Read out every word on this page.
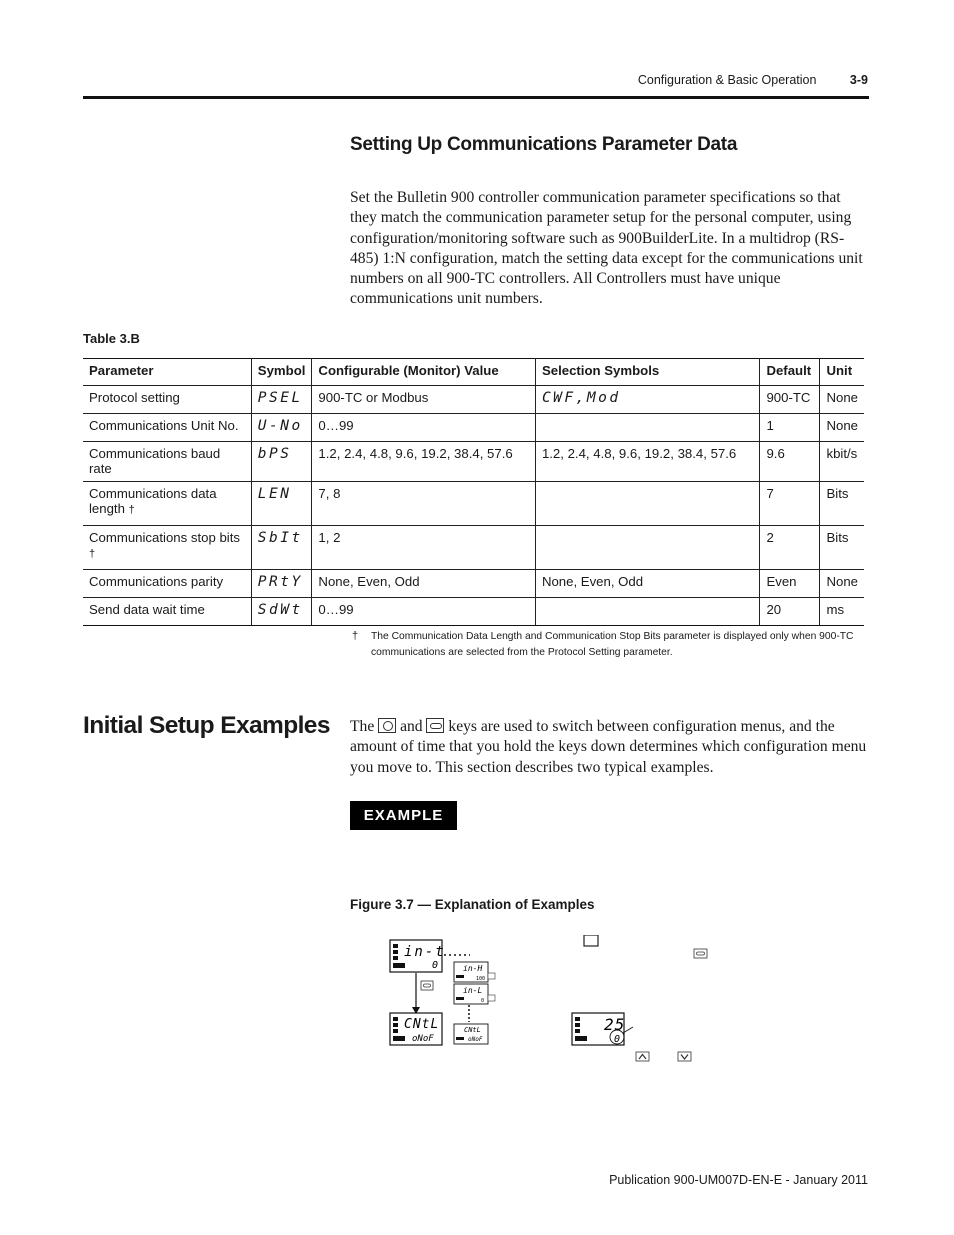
Configuration & Basic Operation	3-9
Setting Up Communications Parameter Data
Set the Bulletin 900 controller communication parameter specifications so that they match the communication parameter setup for the personal computer, using configuration/monitoring software such as 900BuilderLite. In a multidrop (RS-485) 1:N configuration, match the setting data except for the communications unit numbers on all 900-TC controllers. All Controllers must have unique communications unit numbers.
Table 3.B
Parameter	Symbol	Configurable (Monitor) Value	Selection Symbols	Default	Unit
Protocol setting	PSEL	900-TC or Modbus	CWF,Mod	900-TC	None
Communications Unit No.	U-No	0…99		1	None
Communications baud rate	bPS	1.2, 2.4, 4.8, 9.6, 19.2, 38.4, 57.6	1.2, 2.4, 4.8, 9.6, 19.2, 38.4, 57.6	9.6	kbit/s
Communications data length †	LEN	7, 8		7	Bits
Communications stop bits †	SbIt	1, 2		2	Bits
Communications parity	PRtY	None, Even, Odd	None, Even, Odd	Even	None
Send data wait time	SdWt	0…99		20	ms
† The Communication Data Length and Communication Stop Bits parameter is displayed only when 900-TC communications are selected from the Protocol Setting parameter.
Initial Setup Examples The and keys are used to switch between configuration menus, and the amount of time that you hold the keys down determines which configuration menu you move to. This section describes two typical examples.
EXAMPLE
Figure 3.7 — Explanation of Examples
in-t
0
CNtL
oNoF
in-H
100
in-L
0
CNtL
oNoF
25
0
Publication 900-UM007D-EN-E - January 2011
